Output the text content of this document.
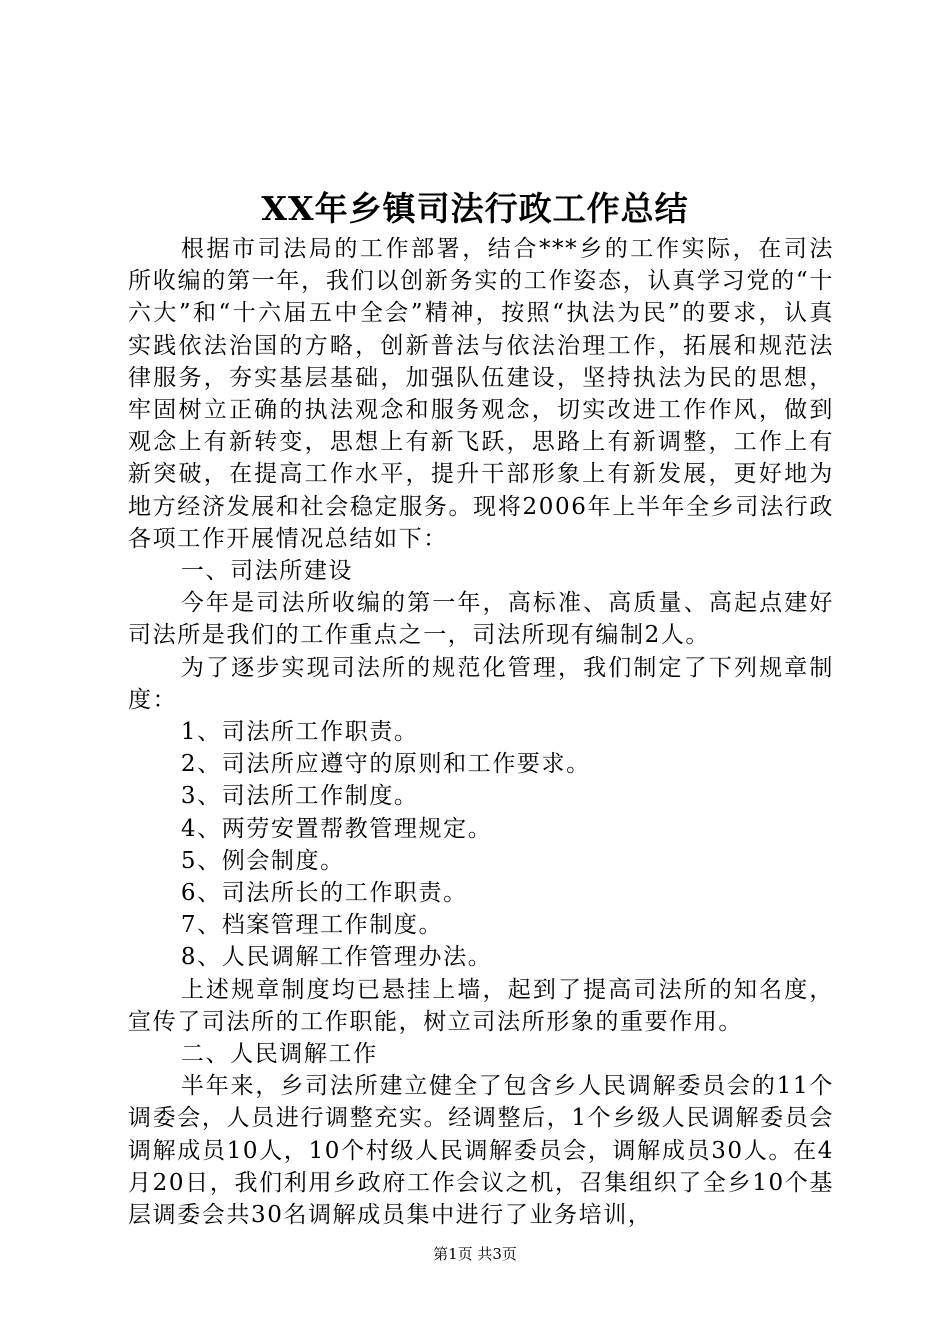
XX年乡镇司法行政工作总结

根据市司法局的工作部署，结合***乡的工作实际，在司法所收编的第一年，我们以创新务实的工作姿态，认真学习党的“十六大”和“十六届五中全会”精神，按照“执法为民”的要求，认真实践依法治国的方略，创新普法与依法治理工作，拓展和规范法律服务，夯实基层基础，加强队伍建设，坚持执法为民的思想，牢固树立正确的执法观念和服务观念，切实改进工作作风，做到观念上有新转变，思想上有新飞跃，思路上有新调整，工作上有新突破，在提高工作水平，提升干部形象上有新发展，更好地为地方经济发展和社会稳定服务。现将2006年上半年全乡司法行政各项工作开展情况总结如下：

一、司法所建设

今年是司法所收编的第一年，高标准、高质量、高起点建好司法所是我们的工作重点之一，司法所现有编制2人。

为了逐步实现司法所的规范化管理，我们制定了下列规章制度：

1、司法所工作职责。

2、司法所应遵守的原则和工作要求。

3、司法所工作制度。

4、两劳安置帮教管理规定。

5、例会制度。

6、司法所长的工作职责。

7、档案管理工作制度。

8、人民调解工作管理办法。

上述规章制度均已悬挂上墙，起到了提高司法所的知名度，宣传了司法所的工作职能，树立司法所形象的重要作用。

二、人民调解工作

半年来，乡司法所建立健全了包含乡人民调解委员会的11个调委会，人员进行调整充实。经调整后，1个乡级人民调解委员会调解成员10人，10个村级人民调解委员会，调解成员30人。在4月20日，我们利用乡政府工作会议之机，召集组织了全乡10个基层调委会共30名调解成员集中进行了业务培训，

第1页 共3页
